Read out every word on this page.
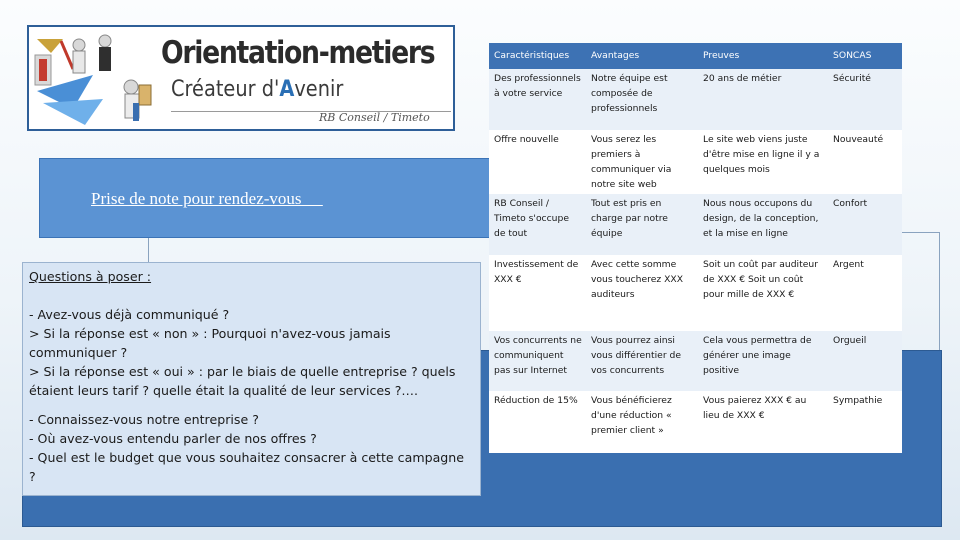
Orientation-metiers
Créateur d'Avenir
RB Conseil / Timeto
Prise de note pour rendez-vous
Questions à poser :
- Avez-vous déjà communiqué ?
> Si la réponse est « non » : Pourquoi n'avez-vous jamais communiquer ?
> Si la réponse est « oui » : par le biais de quelle entreprise ? quels étaient leurs tarif ? quelle était la qualité de leur services ?….
- Connaissez-vous notre entreprise ?
- Où avez-vous entendu parler de nos offres ?
- Quel est le budget que vous souhaitez consacrer à cette campagne ?
Caractéristiques	Avantages	Preuves	SONCAS
Des professionnels à votre service	Notre équipe est composée de professionnels	20 ans de métier	Sécurité
Offre nouvelle	Vous serez les premiers à communiquer via notre site web	Le site web viens juste d'être mise en ligne il y a quelques mois	Nouveauté
RB Conseil / Timeto s'occupe de tout	Tout est pris en charge par notre équipe	Nous nous occupons du design, de la conception, et la mise en ligne	Confort
Investissement de XXX €	Avec cette somme vous toucherez XXX auditeurs	Soit un coût par auditeur de XXX € Soit un coût pour mille de XXX €	Argent
Vos concurrents ne communiquent pas sur Internet	Vous pourrez ainsi vous différentier de vos concurrents	Cela vous permettra de générer une image positive	Orgueil
Réduction de 15%	Vous bénéficierez d'une réduction « premier client »	Vous paierez XXX € au lieu de XXX €	Sympathie
